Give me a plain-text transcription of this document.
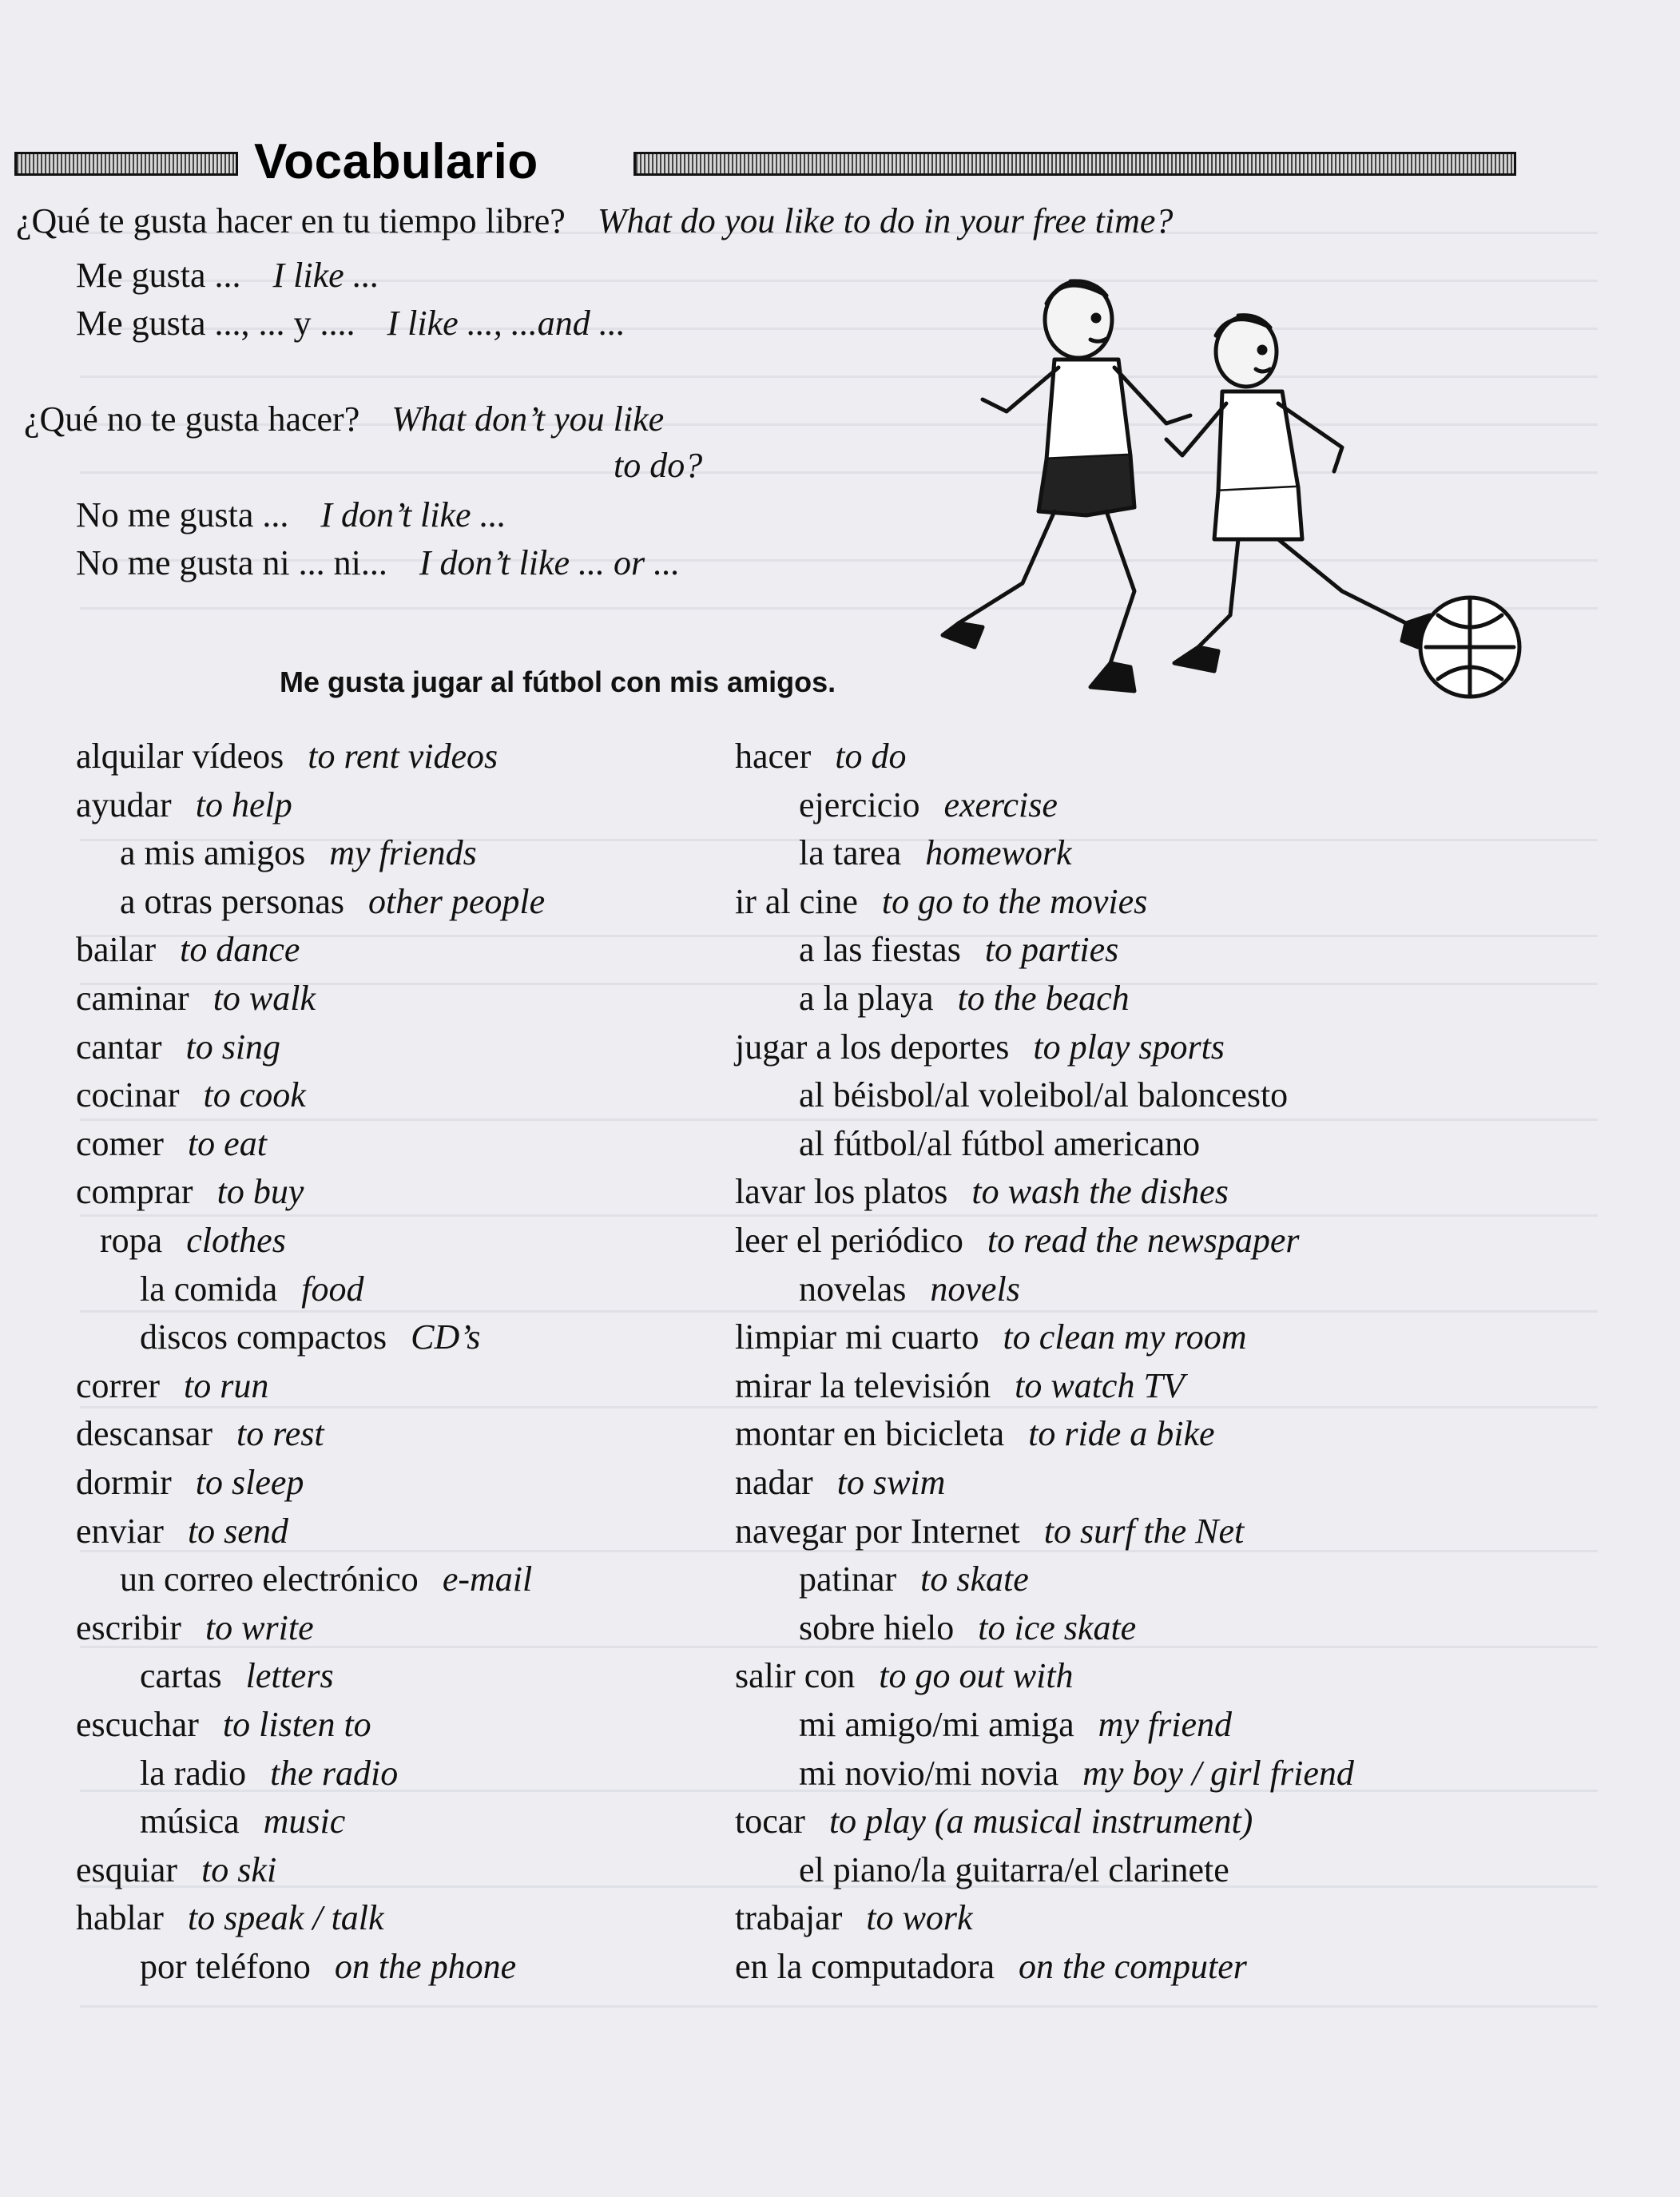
Vocabulario
¿Qué te gusta hacer en tu tiempo libre? What do you like to do in your free time?
Me gusta ... I like ...
Me gusta ..., ... y .... I like ..., ...and ...
¿Qué no te gusta hacer? What don’t you like
to do?
No me gusta ... I don’t like ...
No me gusta ni ... ni... I don’t like ... or ...
Me gusta jugar al fútbol con mis amigos.
alquilar vídeos to rent videos
ayudar to help
a mis amigos my friends
a otras personas other people
bailar to dance
caminar to walk
cantar to sing
cocinar to cook
comer to eat
comprar to buy
ropa clothes
la comida food
discos compactos CD’s
correr to run
descansar to rest
dormir to sleep
enviar to send
un correo electrónico e-mail
escribir to write
cartas letters
escuchar to listen to
la radio the radio
música music
esquiar to ski
hablar to speak / talk
por teléfono on the phone
hacer to do
ejercicio exercise
la tarea homework
ir al cine to go to the movies
a las fiestas to parties
a la playa to the beach
jugar a los deportes to play sports
al béisbol/al voleibol/al baloncesto
al fútbol/al fútbol americano
lavar los platos to wash the dishes
leer el periódico to read the newspaper
novelas novels
limpiar mi cuarto to clean my room
mirar la televisión to watch TV
montar en bicicleta to ride a bike
nadar to swim
navegar por Internet to surf the Net
patinar to skate
sobre hielo to ice skate
salir con to go out with
mi amigo/mi amiga my friend
mi novio/mi novia my boy / girl friend
tocar to play (a musical instrument)
el piano/la guitarra/el clarinete
trabajar to work
en la computadora on the computer
